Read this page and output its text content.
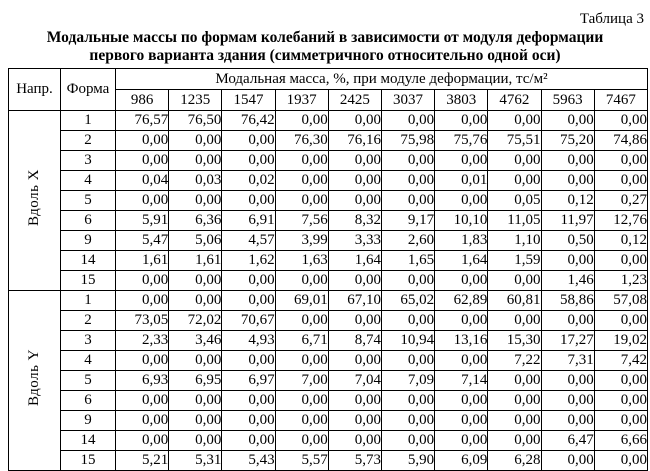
Таблица 3
Модальные массы по формам колебаний в зависимости от модуля деформации
первого варианта здания (симметричного относительно одной оси)
Напр.	Форма	Модальная масса, %, при модуле деформации, тс/м²									
		986	1235	1547	1937	2425	3037	3803	4762	5963	7467
Вдоль X	1	76,57	76,50	76,42	0,00	0,00	0,00	0,00	0,00	0,00	0,00
	2	0,00	0,00	0,00	76,30	76,16	75,98	75,76	75,51	75,20	74,86
	3	0,00	0,00	0,00	0,00	0,00	0,00	0,00	0,00	0,00	0,00
	4	0,04	0,03	0,02	0,00	0,00	0,00	0,01	0,00	0,00	0,00
	5	0,00	0,00	0,00	0,00	0,00	0,00	0,00	0,05	0,12	0,27
	6	5,91	6,36	6,91	7,56	8,32	9,17	10,10	11,05	11,97	12,76
	9	5,47	5,06	4,57	3,99	3,33	2,60	1,83	1,10	0,50	0,12
	14	1,61	1,61	1,62	1,63	1,64	1,65	1,64	1,59	0,00	0,00
	15	0,00	0,00	0,00	0,00	0,00	0,00	0,00	0,00	1,46	1,23
Вдоль Y	1	0,00	0,00	0,00	69,01	67,10	65,02	62,89	60,81	58,86	57,08
	2	73,05	72,02	70,67	0,00	0,00	0,00	0,00	0,00	0,00	0,00
	3	2,33	3,46	4,93	6,71	8,74	10,94	13,16	15,30	17,27	19,02
	4	0,00	0,00	0,00	0,00	0,00	0,00	0,00	7,22	7,31	7,42
	5	6,93	6,95	6,97	7,00	7,04	7,09	7,14	0,00	0,00	0,00
	6	0,00	0,00	0,00	0,00	0,00	0,00	0,00	0,00	0,00	0,00
	9	0,00	0,00	0,00	0,00	0,00	0,00	0,00	0,00	0,00	0,00
	14	0,00	0,00	0,00	0,00	0,00	0,00	0,00	0,00	6,47	6,66
	15	5,21	5,31	5,43	5,57	5,73	5,90	6,09	6,28	0,00	0,00
